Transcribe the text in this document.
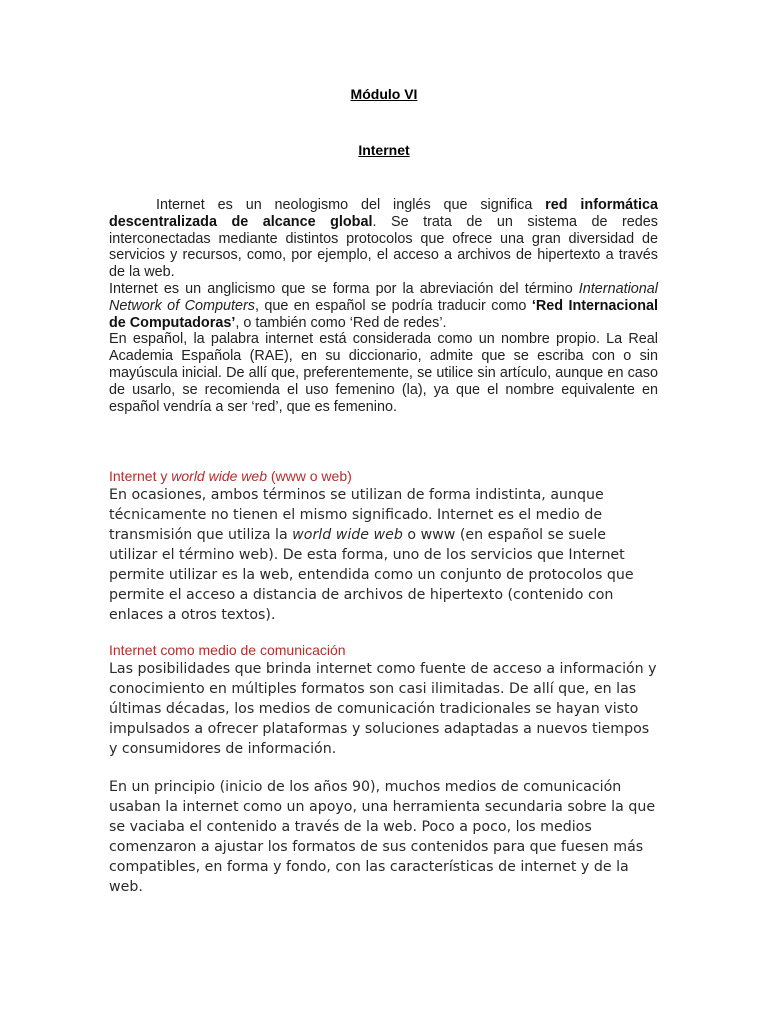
Módulo VI
Internet

Internet es un neologismo del inglés que significa red informática descentralizada de alcance global. Se trata de un sistema de redes interconectadas mediante distintos protocolos que ofrece una gran diversidad de servicios y recursos, como, por ejemplo, el acceso a archivos de hipertexto a través de la web.

Internet es un anglicismo que se forma por la abreviación del término International Network of Computers, que en español se podría traducir como ‘Red Internacional de Computadoras’, o también como ‘Red de redes’.

En español, la palabra internet está considerada como un nombre propio. La Real Academia Española (RAE), en su diccionario, admite que se escriba con o sin mayúscula inicial. De allí que, preferentemente, se utilice sin artículo, aunque en caso de usarlo, se recomienda el uso femenino (la), ya que el nombre equivalente en español vendría a ser ‘red’, que es femenino.

Internet y world wide web (www o web)

En ocasiones, ambos términos se utilizan de forma indistinta, aunque técnicamente no tienen el mismo significado. Internet es el medio de transmisión que utiliza la world wide web o www (en español se suele utilizar el término web). De esta forma, uno de los servicios que Internet permite utilizar es la web, entendida como un conjunto de protocolos que permite el acceso a distancia de archivos de hipertexto (contenido con enlaces a otros textos).

Internet como medio de comunicación

Las posibilidades que brinda internet como fuente de acceso a información y conocimiento en múltiples formatos son casi ilimitadas. De allí que, en las últimas décadas, los medios de comunicación tradicionales se hayan visto impulsados a ofrecer plataformas y soluciones adaptadas a nuevos tiempos y consumidores de información.

En un principio (inicio de los años 90), muchos medios de comunicación usaban la internet como un apoyo, una herramienta secundaria sobre la que se vaciaba el contenido a través de la web. Poco a poco, los medios comenzaron a ajustar los formatos de sus contenidos para que fuesen más compatibles, en forma y fondo, con las características de internet y de la web.
